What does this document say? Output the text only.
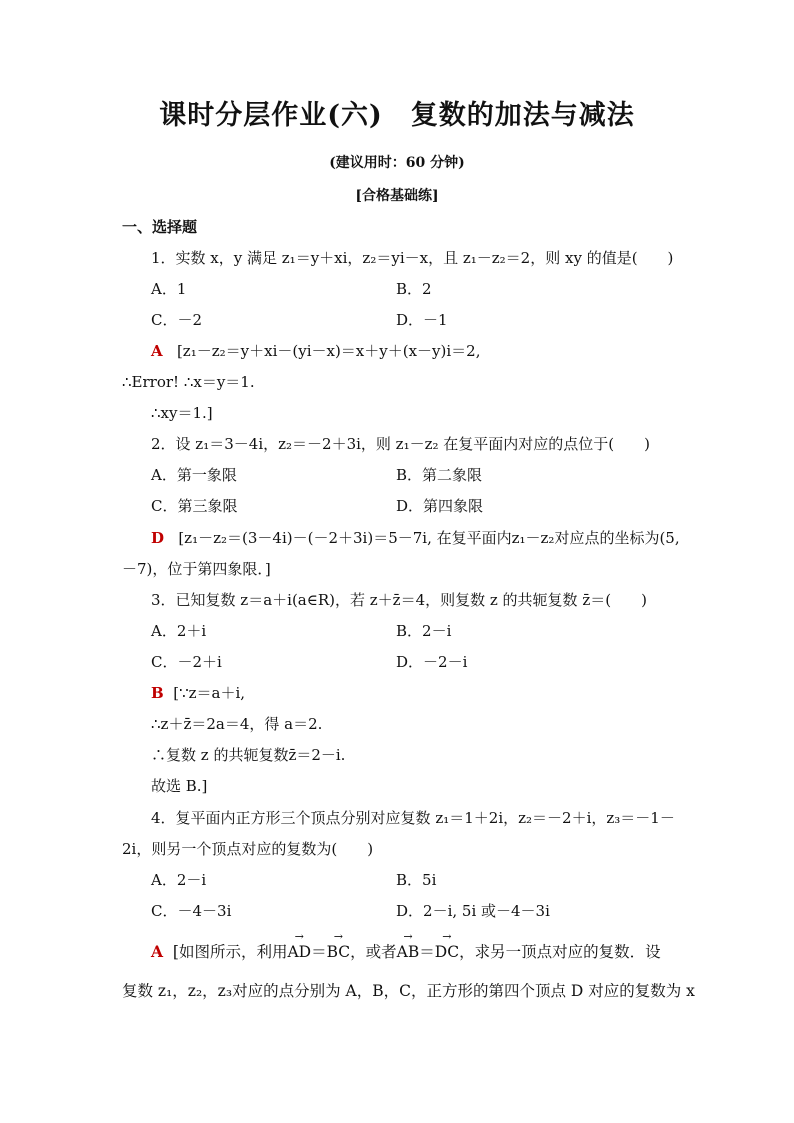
课时分层作业(六)　复数的加法与减法
(建议用时：60 分钟)
[合格基础练]
一、选择题
1．实数 x，y 满足 z₁＝y＋xi，z₂＝yi－x，且 z₁－z₂＝2，则 xy 的值是(　　)
A．1	B．2
C．－2	D．－1
A [z₁－z₂＝y＋xi－(yi－x)＝x＋y＋(x－y)i＝2,
∴Error! ∴x＝y＝1.
∴xy＝1.]
2．设 z₁＝3－4i，z₂＝－2＋3i，则 z₁－z₂ 在复平面内对应的点位于(　　)
A．第一象限	B．第二象限
C．第三象限	D．第四象限
D [z₁－z₂＝(3－4i)－(－2＋3i)＝5－7i, 在复平面内z₁－z₂对应点的坐标为(5,
－7)，位于第四象限．]
3．已知复数 z＝a＋i(a∈R)，若 z＋z̄＝4，则复数 z 的共轭复数 z̄＝(　　)
A．2＋i	B．2－i
C．－2＋i	D．－2－i
B [∵z＝a＋i,
∴z＋z̄＝2a＝4，得 a＝2.
∴复数 z 的共轭复数z̄＝2－i.
故选 B.]
4．复平面内正方形三个顶点分别对应复数 z₁＝1＋2i，z₂＝－2＋i，z₃＝－1－
2i，则另一个顶点对应的复数为(　　)
A．2－i	B．5i
C．－4－3i	D．2－i, 5i 或－4－3i
A [如图所示，利用→ AD＝→ BC，或者→ AB＝→ DC，求另一顶点对应的复数．设
复数 z₁，z₂，z₃对应的点分别为 A，B，C，正方形的第四个顶点 D 对应的复数为 x
